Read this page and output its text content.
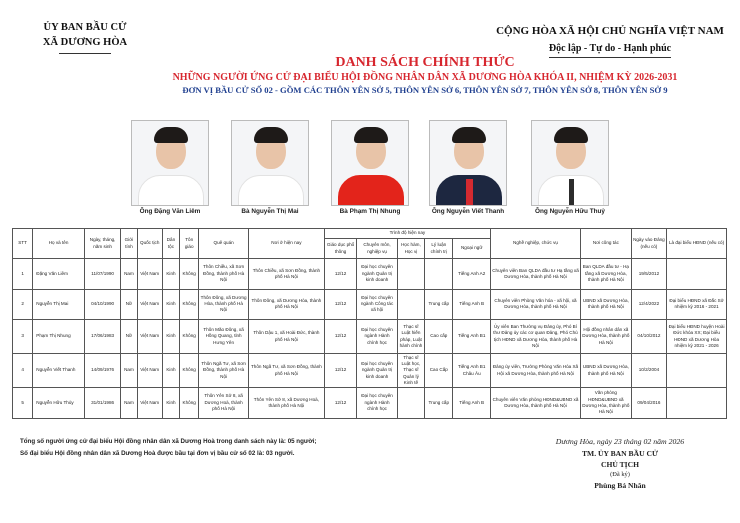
ỦY BAN BẦU CỬ
XÃ DƯƠNG HÒA
CỘNG HÒA XÃ HỘI CHỦ NGHĨA VIỆT NAM
Độc lập - Tự do - Hạnh phúc
DANH SÁCH CHÍNH THỨC
NHỮNG NGƯỜI ỨNG CỬ ĐẠI BIỂU HỘI ĐỒNG NHÂN DÂN XÃ DƯƠNG HÒA KHÓA II, NHIỆM KỲ 2026-2031
ĐƠN VỊ BẦU CỬ SỐ 02 - GỒM CÁC THÔN YÊN SỞ 5, THÔN YÊN SỞ 6, THÔN YÊN SỞ 7, THÔN YÊN SỞ 8, THÔN YÊN SỞ 9
Ông Đặng Văn Liêm	Bà Nguyễn Thị Mai	Bà Phạm Thị Nhung	Ông Nguyễn Viết Thanh	Ông Nguyễn Hữu Thuỷ
STT	Họ và tên	Ngày, tháng, năm sinh	Giới tính	Quốc tịch	Dân tộc	Tôn giáo	Quê quán	Nơi ở hiện nay	Trình độ hiện nay					Nghề nghiệp, chức vụ	Nơi công tác	Ngày vào Đảng (nếu có)	Là đại biểu HĐND (nếu có)
									Giáo dục phổ thông	Chuyên môn, nghiệp vụ	Học hàm, Học vị	Lý luận chính trị	Ngoại ngữ				
1	Đặng Văn Liêm	11/07/1990	Nam	Việt Nam	Kinh	Không	Thôn Chiều, xã Sơn Đồng, thành phố Hà Nội	Thôn Chiều, xã Sơn Đồng, thành phố Hà Nội	12/12	Đại học chuyên ngành Quản trị kinh doanh			Tiếng Anh A2	Chuyên viên Ban QLDA đầu tư Hạ tầng xã Dương Hòa, thành phố Hà Nội	Ban QLDA đầu tư - Hạ tầng xã Dương Hòa, thành phố Hà Nội	19/5/2012	
2	Nguyễn Thị Mai	04/10/1990	Nữ	Việt Nam	Kinh	Không	Thôn Đông, xã Dương Hòa, thành phố Hà Nội	Thôn Đông, xã Dương Hòa, thành phố Hà Nội	12/12	Đại học chuyên ngành Công tác xã hội		Trung cấp	Tiếng Anh B	Chuyên viên Phòng Văn hóa - xã hội, xã Dương Hòa, thành phố Hà Nội	UBND xã Dương Hòa, thành phố Hà Nội	12/4/2022	Đại biểu HĐND xã Đắc Sở nhiệm kỳ 2016 - 2021
3	Phạm Thị Nhung	17/06/1983	Nữ	Việt Nam	Kinh	Không	Thôn Mão Đông, xã Hồng Quang, tỉnh Hưng Yên	Thôn Dậu 1, xã Hoài Đức, thành phố Hà Nội	12/12	Đại học chuyên ngành Hành chính học	Thạc sĩ Luật hiến pháp, Luật hành chính	Cao cấp	Tiếng Anh B1	Ủy viên Ban Thường vụ Đảng ủy, Phó Bí thư Đảng ủy các cơ quan Đảng, Phó Chủ tịch HĐND xã Dương Hòa, thành phố Hà Nội	Hội đồng nhân dân xã Dương Hòa, thành phố Hà Nội	04/10/2012	Đại biểu HĐND huyện Hoài Đức khóa XX; Đại biểu HĐND xã Dương Hòa nhiệm kỳ 2021 - 2026
4	Nguyễn Viết Thanh	14/09/1976	Nam	Việt Nam	Kinh	Không	Thôn Ngã Tư, xã Sơn Đồng, thành phố Hà Nội	Thôn Ngã Tư, xã Sơn Đồng, thành phố Hà Nội	12/12	Đại học chuyên ngành Quản trị kinh doanh	Thạc sĩ Luật học, Thạc sĩ Quản lý Kinh tế	Cao Cấp	Tiếng Anh B1 Châu Âu	Đảng ủy viên, Trưởng Phòng Văn Hóa Xã Hội xã Dương Hòa, thành phố Hà Nội	UBND xã Dương Hòa, thành phố Hà Nội	10/2/2004	
5	Nguyễn Hữu Thủy	31/01/1986	Nam	Việt Nam	Kinh	Không	Thôn Yên Sở 8, xã Dương Hoà, thành phố Hà Nội	Thôn Yên Sở 8, xã Dương Hoà, thành phố Hà Nội	12/12	Đại học chuyên ngành Hành chính học		Trung cấp	Tiếng Anh B	Chuyên viên Văn phòng HĐND&UBND xã Dương Hòa, thành phố Hà Nội	Văn phòng HĐND&UBND xã Dương Hòa, thành phố Hà Nội	09/04/2016	
Tổng số người ứng cử đại biểu Hội đồng nhân dân xã Dương Hoà trong danh sách này là: 05 người;
Số đại biểu Hội đồng nhân dân xã Dương Hoà được bầu tại đơn vị bầu cử số 02 là: 03 người.
Dương Hòa, ngày 23 tháng 02 năm 2026
TM. ỦY BAN BẦU CỬ
CHỦ TỊCH
(Đã ký)
Phùng Bá Nhân
